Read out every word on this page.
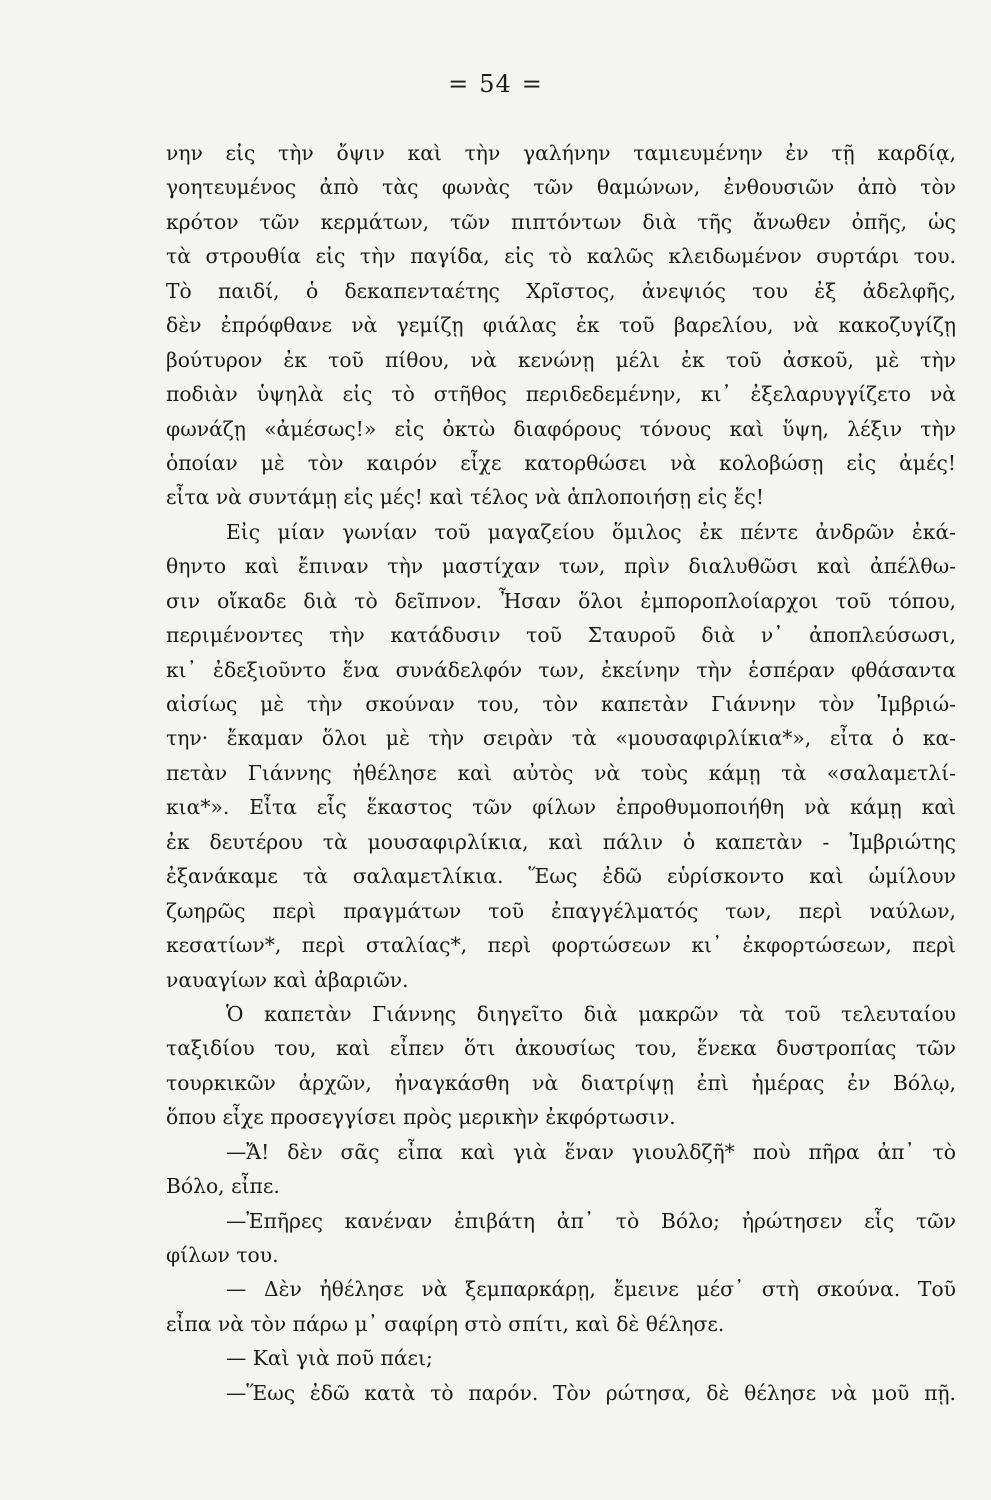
= 54 =
νην εἰς τὴν ὄψιν καὶ τὴν γαλήνην ταμιευμένην ἐν τῇ καρδίᾳ,
γοητευμένος ἀπὸ τὰς φωνὰς τῶν θαμώνων, ἐνθουσιῶν ἀπὸ τὸν
κρότον τῶν κερμάτων, τῶν πιπτόντων διὰ τῆς ἄνωθεν ὀπῆς, ὡς
τὰ στρουθία εἰς τὴν παγίδα, εἰς τὸ καλῶς κλειδωμένον συρτάρι του.
Τὸ παιδί, ὁ δεκαπενταέτης Χρῖστος, ἀνεψιός του ἐξ ἀδελφῆς,
δὲν ἐπρόφθανε νὰ γεμίζῃ φιάλας ἐκ τοῦ βαρελίου, νὰ κακοζυγίζῃ
βούτυρον ἐκ τοῦ πίθου, νὰ κενώνῃ μέλι ἐκ τοῦ ἀσκοῦ, μὲ τὴν
ποδιὰν ὑψηλὰ εἰς τὸ στῆθος περιδεδεμένην, κι᾿ ἐξελαρυγγίζετο νὰ
φωνάζῃ «ἀμέσως!» εἰς ὀκτὼ διαφόρους τόνους καὶ ὕψη, λέξιν τὴν
ὁποίαν μὲ τὸν καιρόν εἶχε κατορθώσει νὰ κολοβώσῃ εἰς ἀμές!
εἶτα νὰ συντάμῃ εἰς μές! καὶ τέλος νὰ ἁπλοποιήσῃ εἰς ἔς!
Εἰς μίαν γωνίαν τοῦ μαγαζείου ὅμιλος ἐκ πέντε ἀνδρῶν ἐκά-
θηντο καὶ ἔπιναν τὴν μαστίχαν των, πρὶν διαλυθῶσι καὶ ἀπέλθω-
σιν οἴκαδε διὰ τὸ δεῖπνον. Ἦσαν ὅλοι ἐμποροπλοίαρχοι τοῦ τόπου,
περιμένοντες τὴν κατάδυσιν τοῦ Σταυροῦ διὰ ν᾿ ἀποπλεύσωσι,
κι᾿ ἐδεξιοῦντο ἕνα συνάδελφόν των, ἐκείνην τὴν ἑσπέραν φθάσαντα
αἰσίως μὲ τὴν σκούναν του, τὸν καπετὰν Γιάννην τὸν Ἰμβριώ-
την· ἔκαμαν ὅλοι μὲ τὴν σειρὰν τὰ «μουσαφιρλίκια*», εἶτα ὁ κα-
πετὰν Γιάννης ἠθέλησε καὶ αὐτὸς νὰ τοὺς κάμῃ τὰ «σαλαμετλί-
κια*». Εἶτα εἷς ἕκαστος τῶν φίλων ἐπροθυμοποιήθη νὰ κάμῃ καὶ
ἐκ δευτέρου τὰ μουσαφιρλίκια, καὶ πάλιν ὁ καπετὰν - Ἰμβριώτης
ἐξανάκαμε τὰ σαλαμετλίκια. Ἕως ἐδῶ εὑρίσκοντο καὶ ὡμίλουν
ζωηρῶς περὶ πραγμάτων τοῦ ἐπαγγέλματός των, περὶ ναύλων,
κεσατίων*, περὶ σταλίας*, περὶ φορτώσεων κι᾿ ἐκφορτώσεων, περὶ
ναυαγίων καὶ ἀβαριῶν.
Ὁ καπετὰν Γιάννης διηγεῖτο διὰ μακρῶν τὰ τοῦ τελευταίου
ταξιδίου του, καὶ εἶπεν ὅτι ἀκουσίως του, ἕνεκα δυστροπίας τῶν
τουρκικῶν ἀρχῶν, ἠναγκάσθη νὰ διατρίψῃ ἐπὶ ἡμέρας ἐν Βόλῳ,
ὅπου εἶχε προσεγγίσει πρὸς μερικὴν ἐκφόρτωσιν.
—Ἄ! δὲν σᾶς εἶπα καὶ γιὰ ἕναν γιουλδζῆ* ποὺ πῆρα ἀπ᾿ τὸ
Βόλο, εἶπε.
—Ἐπῆρες κανέναν ἐπιβάτη ἀπ᾿ τὸ Βόλο; ἠρώτησεν εἷς τῶν
φίλων του.
— Δὲν ἠθέλησε νὰ ξεμπαρκάρῃ, ἔμεινε μέσ᾿ στὴ σκούνα. Τοῦ
εἶπα νὰ τὸν πάρω μ᾿ σαφίρη στὸ σπίτι, καὶ δὲ θέλησε.
— Καὶ γιὰ ποῦ πάει;
—Ἕως ἐδῶ κατὰ τὸ παρόν. Τὸν ρώτησα, δὲ θέλησε νὰ μοῦ πῇ.
